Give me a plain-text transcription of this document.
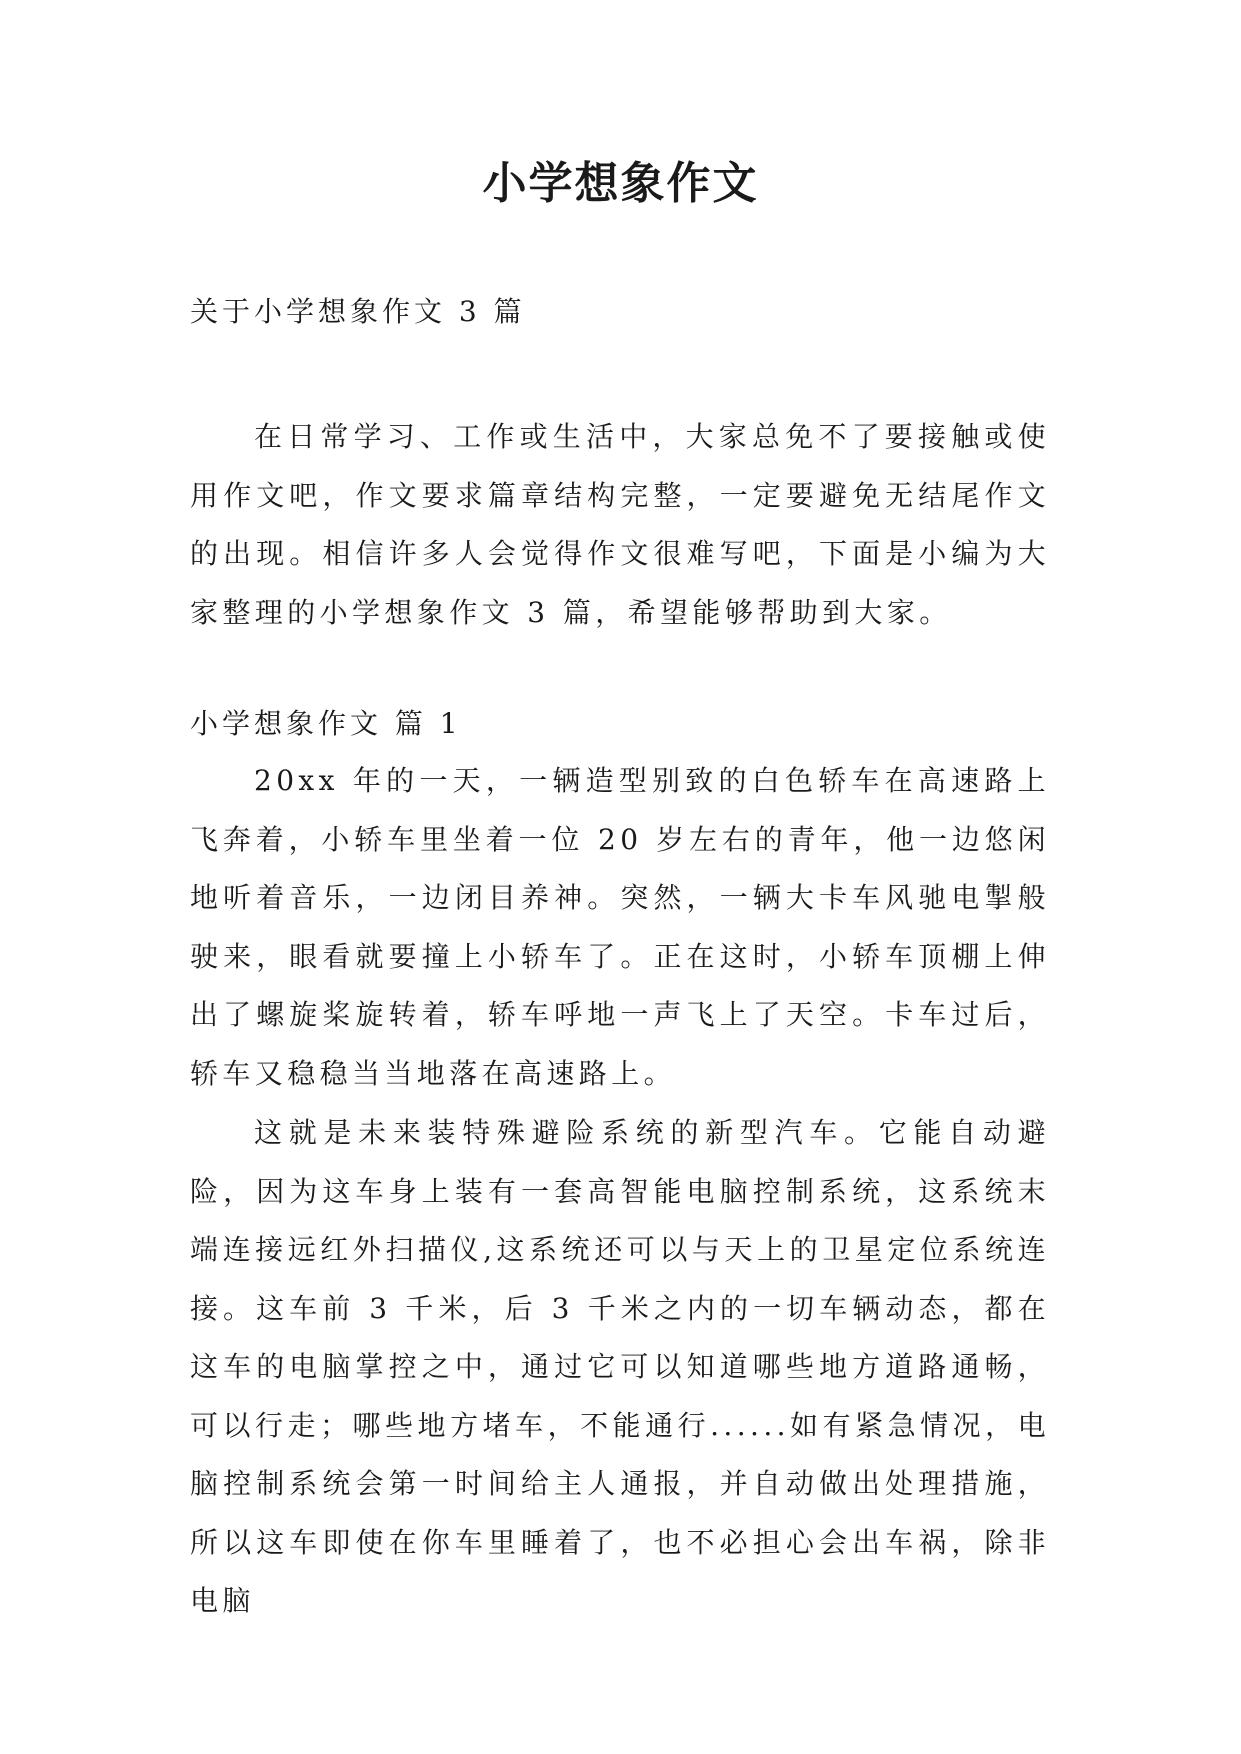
小学想象作文
关于小学想象作文 3 篇

在日常学习、工作或生活中，大家总免不了要接触或使用作文吧，作文要求篇章结构完整，一定要避免无结尾作文的出现。相信许多人会觉得作文很难写吧，下面是小编为大家整理的小学想象作文 3 篇，希望能够帮助到大家。

小学想象作文 篇 1

20xx 年的一天，一辆造型别致的白色轿车在高速路上飞奔着，小轿车里坐着一位 20 岁左右的青年，他一边悠闲地听着音乐，一边闭目养神。突然，一辆大卡车风驰电掣般驶来，眼看就要撞上小轿车了。正在这时，小轿车顶棚上伸出了螺旋桨旋转着，轿车呼地一声飞上了天空。卡车过后，轿车又稳稳当当地落在高速路上。

这就是未来装特殊避险系统的新型汽车。它能自动避险，因为这车身上装有一套高智能电脑控制系统，这系统末端连接远红外扫描仪,这系统还可以与天上的卫星定位系统连接。这车前 3 千米，后 3 千米之内的一切车辆动态，都在这车的电脑掌控之中，通过它可以知道哪些地方道路通畅，可以行走；哪些地方堵车，不能通行......如有紧急情况，电脑控制系统会第一时间给主人通报，并自动做出处理措施，所以这车即使在你车里睡着了，也不必担心会出车祸，除非电脑
